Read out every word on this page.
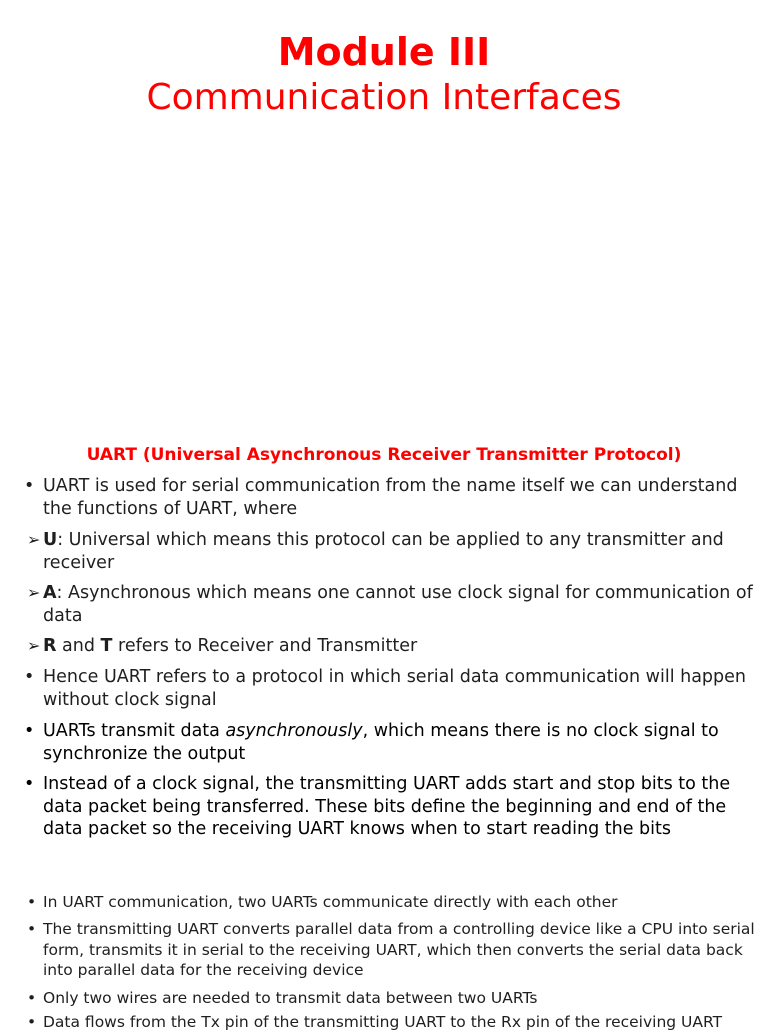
Module III
Communication Interfaces
UART (Universal Asynchronous Receiver Transmitter Protocol)
• UART is used for serial communication from the name itself we can understand the functions of UART, where
➢ U: Universal which means this protocol can be applied to any transmitter and receiver
➢ A: Asynchronous which means one cannot use clock signal for communication of data
➢ R and T refers to Receiver and Transmitter
• Hence UART refers to a protocol in which serial data communication will happen without clock signal
• UARTs transmit data asynchronously, which means there is no clock signal to synchronize the output
• Instead of a clock signal, the transmitting UART adds start and stop bits to the data packet being transferred. These bits define the beginning and end of the data packet so the receiving UART knows when to start reading the bits
• In UART communication, two UARTs communicate directly with each other
• The transmitting UART converts parallel data from a controlling device like a CPU into serial form, transmits it in serial to the receiving UART, which then converts the serial data back into parallel data for the receiving device
• Only two wires are needed to transmit data between two UARTs
• Data flows from the Tx pin of the transmitting UART to the Rx pin of the receiving UART
